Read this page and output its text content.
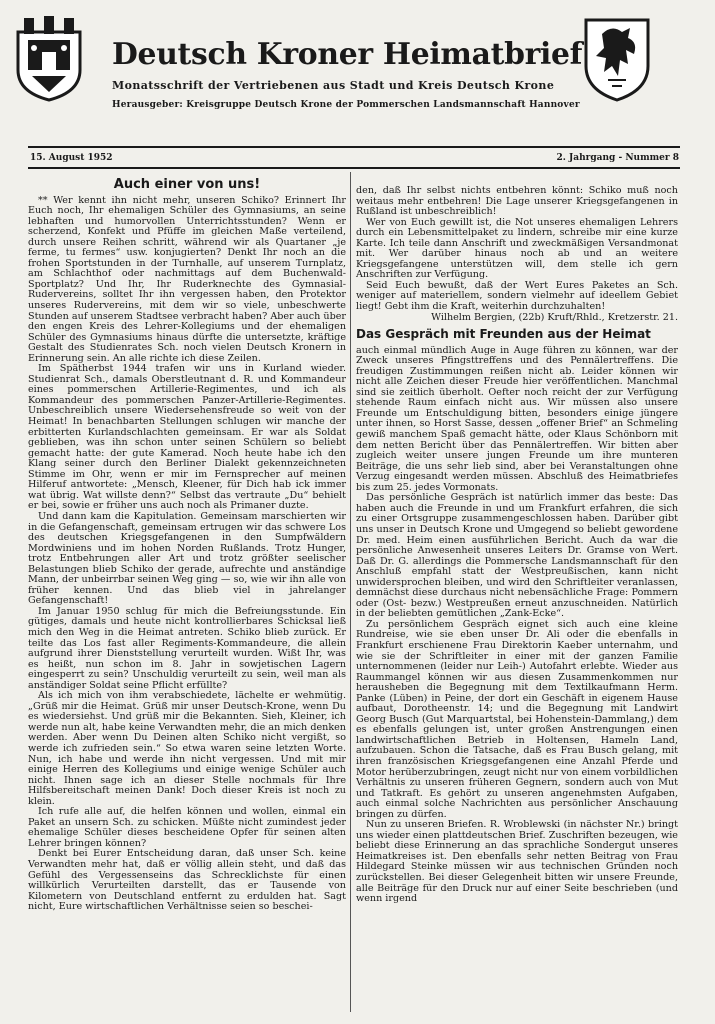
Deutsch Kroner Heimatbrief
Monatsschrift der Vertriebenen aus Stadt und Kreis Deutsch Krone
Herausgeber: Kreisgruppe Deutsch Krone der Pommerschen Landsmannschaft Hannover
15. August 1952	2. Jahrgang - Nummer 8
Auch einer von uns!

** Wer kennt ihn nicht mehr, unseren Schiko? Erinnert Ihr Euch noch, Ihr ehemaligen Schüler des Gymnasiums, an seine lebhaften und humorvollen Unterrichtsstunden? Wenn er scherzend, Konfekt und Pfüffe im gleichen Maße verteilend, durch unsere Reihen schritt, während wir als Quartaner „je ferme, tu fermes“ usw. konjugierten? Denkt Ihr noch an die frohen Sportstunden in der Turnhalle, auf unserem Turnplatz, am Schlachthof oder nachmittags auf dem Buchenwald-Sportplatz? Und Ihr, Ihr Ruderknechte des Gymnasial-Rudervereins, solltet Ihr ihn vergessen haben, den Protektor unseres Rudervereins, mit dem wir so viele, unbeschwerte Stunden auf unserem Stadtsee verbracht haben? Aber auch über den engen Kreis des Lehrer-Kollegiums und der ehemaligen Schüler des Gymnasiums hinaus dürfte die untersetzte, kräftige Gestalt des Studienrates Sch. noch vielen Deutsch Kronern in Erinnerung sein. An alle richte ich diese Zeilen.

Im Spätherbst 1944 trafen wir uns in Kurland wieder. Studienrat Sch., damals Oberstleutnant d. R. und Kommandeur eines pommerschen Artillerie-Regimentes, und ich als Kommandeur des pommerschen Panzer-Artillerie-Regimentes. Unbeschreiblich unsere Wiedersehensfreude so weit von der Heimat! In benachbarten Stellungen schlugen wir manche der erbitterten Kurlandschlachten gemeinsam. Er war als Soldat geblieben, was ihn schon unter seinen Schülern so beliebt gemacht hatte: der gute Kamerad. Noch heute habe ich den Klang seiner durch den Berliner Dialekt gekennzeichneten Stimme im Ohr, wenn er mir im Fernsprecher auf meinen Hilferuf antwortete: „Mensch, Kleener, für Dich hab ick immer wat übrig. Wat willste denn?“ Selbst das vertraute „Du“ behielt er bei, sowie er früher uns auch noch als Primaner duzte.

Und dann kam die Kapitulation. Gemeinsam marschierten wir in die Gefangenschaft, gemeinsam ertrugen wir das schwere Los des deutschen Kriegsgefangenen in den Sumpfwäldern Mordwiniens und im hohen Norden Rußlands. Trotz Hunger, trotz Entbehrungen aller Art und trotz größter seelischer Belastungen blieb Schiko der gerade, aufrechte und anständige Mann, der unbeirrbar seinen Weg ging — so, wie wir ihn alle von früher kennen. Und das blieb viel in jahrelanger Gefangenschaft!

Im Januar 1950 schlug für mich die Befreiungsstunde. Ein gütiges, damals und heute nicht kontrollierbares Schicksal ließ mich den Weg in die Heimat antreten. Schiko blieb zurück. Er teilte das Los fast aller Regiments-Kommandeure, die allein aufgrund ihrer Dienststellung verurteilt wurden. Wißt Ihr, was es heißt, nun schon im 8. Jahr in sowjetischen Lagern eingesperrt zu sein? Unschuldig verurteilt zu sein, weil man als anständiger Soldat seine Pflicht erfüllte?

Als ich mich von ihm verabschiedete, lächelte er wehmütig. „Grüß mir die Heimat. Grüß mir unser Deutsch-Krone, wenn Du es wiedersiehst. Und grüß mir die Bekannten. Sieh, Kleiner, ich werde nun alt, habe keine Verwandten mehr, die an mich denken werden. Aber wenn Du Deinen alten Schiko nicht vergißt, so werde ich zufrieden sein.“ So etwa waren seine letzten Worte. Nun, ich habe und werde ihn nicht vergessen. Und mit mir einige Herren des Kollegiums und einige wenige Schüler auch nicht. Ihnen sage ich an dieser Stelle nochmals für Ihre Hilfsbereitschaft meinen Dank! Doch dieser Kreis ist noch zu klein.

Ich rufe alle auf, die helfen können und wollen, einmal ein Paket an unsern Sch. zu schicken. Müßte nicht zumindest jeder ehemalige Schüler dieses bescheidene Opfer für seinen alten Lehrer bringen können?

Denkt bei Eurer Entscheidung daran, daß unser Sch. keine Verwandten mehr hat, daß er völlig allein steht, und daß das Gefühl des Vergessenseins das Schrecklichste für einen willkürlich Verurteilten darstellt, das er Tausende von Kilometern von Deutschland entfernt zu erdulden hat. Sagt nicht, Eure wirtschaftlichen Verhältnisse seien so beschei-

den, daß Ihr selbst nichts entbehren könnt: Schiko muß noch weitaus mehr entbehren! Die Lage unserer Kriegsgefangenen in Rußland ist unbeschreiblich!

Wer von Euch gewillt ist, die Not unseres ehemaligen Lehrers durch ein Lebensmittelpaket zu lindern, schreibe mir eine kurze Karte. Ich teile dann Anschrift und zweckmäßigen Versandmonat mit. Wer darüber hinaus noch ab und an weitere Kriegsgefangene unterstützen will, dem stelle ich gern Anschriften zur Verfügung.

Seid Euch bewußt, daß der Wert Eures Paketes an Sch. weniger auf materiellem, sondern vielmehr auf ideellem Gebiet liegt! Gebt ihm die Kraft, weiterhin durchzuhalten!

Wilhelm Bergien, (22b) Kruft/Rhld., Kretzerstr. 21.

Das Gespräch mit Freunden aus der Heimat

auch einmal mündlich Auge in Auge führen zu können, war der Zweck unseres Pfingsttreffens und des Pennälertreffens. Die freudigen Zustimmungen reißen nicht ab. Leider können wir nicht alle Zeichen dieser Freude hier veröffentlichen. Manchmal sind sie zeitlich überholt. Oefter noch reicht der zur Verfügung stehende Raum einfach nicht aus. Wir müssen also unsere Freunde um Entschuldigung bitten, besonders einige jüngere unter ihnen, so Horst Sasse, dessen „offener Brief“ an Schmeling gewiß manchem Spaß gemacht hätte, oder Klaus Schönborn mit dem netten Bericht über das Pennälertreffen. Wir bitten aber zugleich weiter unsere jungen Freunde um ihre munteren Beiträge, die uns sehr lieb sind, aber bei Veranstaltungen ohne Verzug eingesandt werden müssen. Abschluß des Heimatbriefes bis zum 25. jedes Vormonats.

Das persönliche Gespräch ist natürlich immer das beste: Das haben auch die Freunde in und um Frankfurt erfahren, die sich zu einer Ortsgruppe zusammengeschlossen haben. Darüber gibt uns unser in Deutsch Krone und Umgegend so beliebt gewordene Dr. med. Heim einen ausführlichen Bericht. Auch da war die persönliche Anwesenheit unseres Leiters Dr. Gramse von Wert. Daß Dr. G. allerdings die Pommersche Landsmannschaft für den Anschluß empfahl statt der Westpreußischen, kann nicht unwidersprochen bleiben, und wird den Schriftleiter veranlassen, demnächst diese durchaus nicht nebensächliche Frage: Pommern oder (Ost- bezw.) Westpreußen erneut anzuschneiden. Natürlich in der beliebten gemütlichen „Zank-Ecke“.

Zu persönlichem Gespräch eignet sich auch eine kleine Rundreise, wie sie eben unser Dr. Ali oder die ebenfalls in Frankfurt erschienene Frau Direktorin Kaeber unternahm, und wie sie der Schriftleiter in einer mit der ganzen Familie unternommenen (leider nur Leih-) Autofahrt erlebte. Wieder aus Raummangel können wir aus diesen Zusammenkommen nur herausheben die Begegnung mit dem Textilkaufmann Herm. Panke (Lüben) in Peine, der dort ein Geschäft in eigenem Hause aufbaut, Dorotheenstr. 14; und die Begegnung mit Landwirt Georg Busch (Gut Marquartstal, bei Hohenstein-Dammlang,) dem es ebenfalls gelungen ist, unter großen Anstrengungen einen landwirtschaftlichen Betrieb in Holtensen, Hameln Land, aufzubauen. Schon die Tatsache, daß es Frau Busch gelang, mit ihren französischen Kriegsgefangenen eine Anzahl Pferde und Motor herüberzubringen, zeugt nicht nur von einem vorbildlichen Verhältnis zu unseren früheren Gegnern, sondern auch von Mut und Tatkraft. Es gehört zu unseren angenehmsten Aufgaben, auch einmal solche Nachrichten aus persönlicher Anschauung bringen zu dürfen.

Nun zu unseren Briefen. R. Wroblewski (in nächster Nr.) bringt uns wieder einen plattdeutschen Brief. Zuschriften bezeugen, wie beliebt diese Erinnerung an das sprachliche Sondergut unseres Heimatkreises ist. Den ebenfalls sehr netten Beitrag von Frau Hildegard Steinke müssen wir aus technischen Gründen noch zurückstellen. Bei dieser Gelegenheit bitten wir unsere Freunde, alle Beiträge für den Druck nur auf einer Seite beschrieben (und wenn irgend
